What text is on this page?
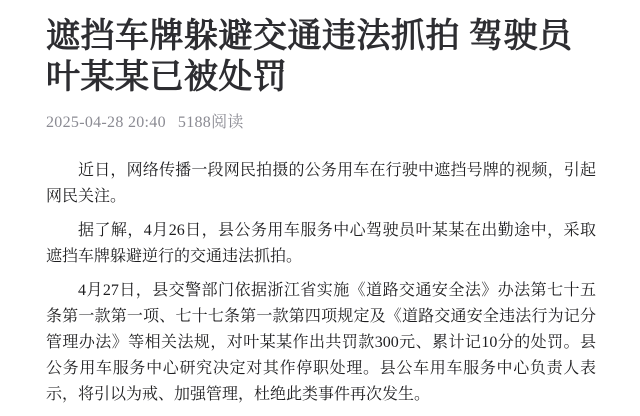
遮挡车牌躲避交通违法抓拍 驾驶员叶某某已被处罚
2025-04-28 20:40 5188阅读

近日，网络传播一段网民拍摄的公务用车在行驶中遮挡号牌的视频，引起网民关注。

据了解，4月26日，县公务用车服务中心驾驶员叶某某在出勤途中，采取遮挡车牌躲避逆行的交通违法抓拍。

4月27日，县交警部门依据浙江省实施《道路交通安全法》办法第七十五条第一款第一项、七十七条第一款第四项规定及《道路交通安全违法行为记分管理办法》等相关法规，对叶某某作出共罚款300元、累计记10分的处罚。县公务用车服务中心研究决定对其作停职处理。县公车用车服务中心负责人表示，将引以为戒、加强管理，杜绝此类事件再次发生。
